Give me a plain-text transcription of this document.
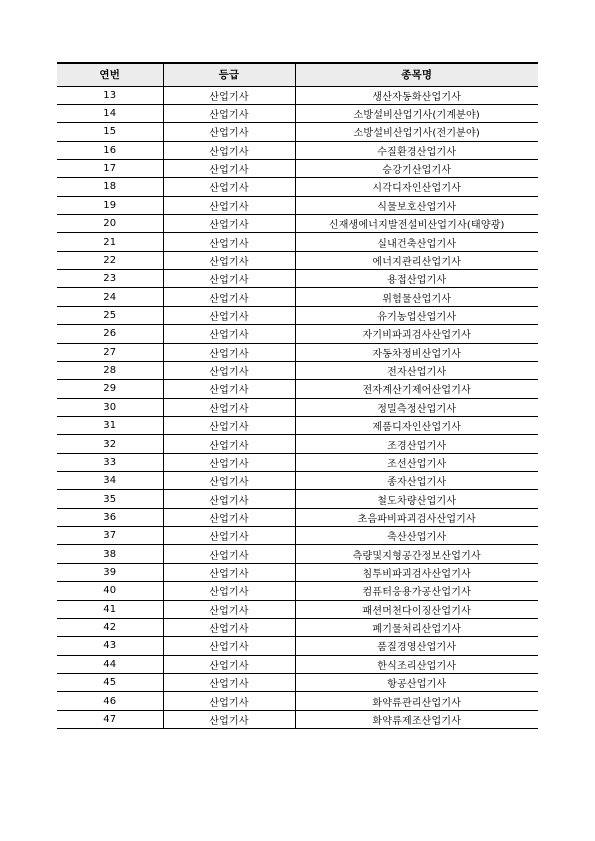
연번	등급	종목명
13	산업기사	생산자동화산업기사
14	산업기사	소방설비산업기사(기계분야)
15	산업기사	소방설비산업기사(전기분야)
16	산업기사	수질환경산업기사
17	산업기사	승강기산업기사
18	산업기사	시각디자인산업기사
19	산업기사	식물보호산업기사
20	산업기사	신재생에너지발전설비산업기사(태양광)
21	산업기사	실내건축산업기사
22	산업기사	에너지관리산업기사
23	산업기사	용접산업기사
24	산업기사	위험물산업기사
25	산업기사	유기농업산업기사
26	산업기사	자기비파괴검사산업기사
27	산업기사	자동차정비산업기사
28	산업기사	전자산업기사
29	산업기사	전자계산기제어산업기사
30	산업기사	정밀측정산업기사
31	산업기사	제품디자인산업기사
32	산업기사	조경산업기사
33	산업기사	조선산업기사
34	산업기사	종자산업기사
35	산업기사	철도차량산업기사
36	산업기사	초음파비파괴검사산업기사
37	산업기사	축산산업기사
38	산업기사	측량및지형공간정보산업기사
39	산업기사	침투비파괴검사산업기사
40	산업기사	컴퓨터응용가공산업기사
41	산업기사	패션머천다이징산업기사
42	산업기사	폐기물처리산업기사
43	산업기사	품질경영산업기사
44	산업기사	한식조리산업기사
45	산업기사	항공산업기사
46	산업기사	화약류관리산업기사
47	산업기사	화약류제조산업기사
